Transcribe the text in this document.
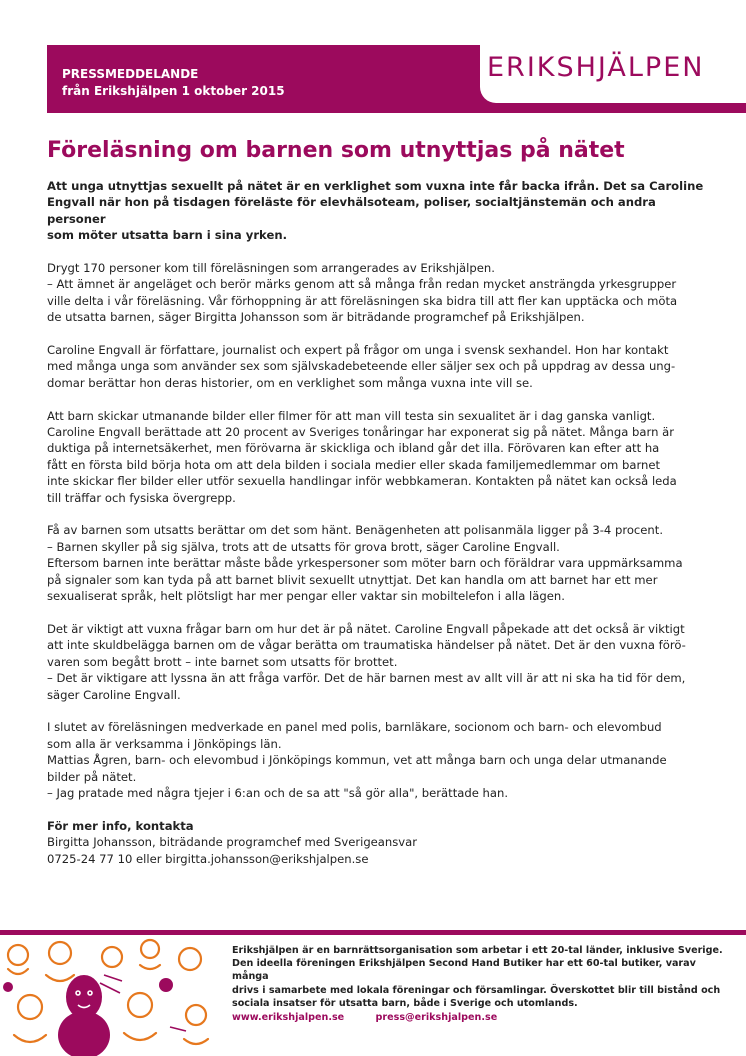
ERIKSHJÄLPEN
PRESSMEDDELANDE
från Erikshjälpen 1 oktober 2015
Föreläsning om barnen som utnyttjas på nätet

Att unga utnyttjas sexuellt på nätet är en verklighet som vuxna inte får backa ifrån. Det sa Caroline
Engvall när hon på tisdagen föreläste för elevhälsoteam, poliser, socialtjänstemän och andra personer
som möter utsatta barn i sina yrken.

Drygt 170 personer kom till föreläsningen som arrangerades av Erikshjälpen.
– Att ämnet är angeläget och berör märks genom att så många från redan mycket ansträngda yrkesgrupper
ville delta i vår föreläsning. Vår förhoppning är att föreläsningen ska bidra till att fler kan upptäcka och möta
de utsatta barnen, säger Birgitta Johansson som är biträdande programchef på Erikshjälpen.

Caroline Engvall är författare, journalist och expert på frågor om unga i svensk sexhandel. Hon har kontakt
med många unga som använder sex som självskadebeteende eller säljer sex och på uppdrag av dessa ung-
domar berättar hon deras historier, om en verklighet som många vuxna inte vill se.

Att barn skickar utmanande bilder eller filmer för att man vill testa sin sexualitet är i dag ganska vanligt.
Caroline Engvall berättade att 20 procent av Sveriges tonåringar har exponerat sig på nätet. Många barn är
duktiga på internetsäkerhet, men förövarna är skickliga och ibland går det illa. Förövaren kan efter att ha
fått en första bild börja hota om att dela bilden i sociala medier eller skada familjemedlemmar om barnet
inte skickar fler bilder eller utför sexuella handlingar inför webbkameran. Kontakten på nätet kan också leda
till träffar och fysiska övergrepp.

Få av barnen som utsatts berättar om det som hänt. Benägenheten att polisanmäla ligger på 3-4 procent.
– Barnen skyller på sig själva, trots att de utsatts för grova brott, säger Caroline Engvall.
Eftersom barnen inte berättar måste både yrkespersoner som möter barn och föräldrar vara uppmärksamma
på signaler som kan tyda på att barnet blivit sexuellt utnyttjat. Det kan handla om att barnet har ett mer
sexualiserat språk, helt plötsligt har mer pengar eller vaktar sin mobiltelefon i alla lägen.

Det är viktigt att vuxna frågar barn om hur det är på nätet. Caroline Engvall påpekade att det också är viktigt
att inte skuldbelägga barnen om de vågar berätta om traumatiska händelser på nätet. Det är den vuxna förö-
varen som begått brott – inte barnet som utsatts för brottet.
– Det är viktigare att lyssna än att fråga varför. Det de här barnen mest av allt vill är att ni ska ha tid för dem,
säger Caroline Engvall.

I slutet av föreläsningen medverkade en panel med polis, barnläkare, socionom och barn- och elevombud
som alla är verksamma i Jönköpings län.
Mattias Ågren, barn- och elevombud i Jönköpings kommun, vet att många barn och unga delar utmanande
bilder på nätet.
– Jag pratade med några tjejer i 6:an och de sa att "så gör alla", berättade han.

För mer info, kontakta
Birgitta Johansson, biträdande programchef med Sverigeansvar
0725-24 77 10 eller birgitta.johansson@erikshjalpen.se

Erikshjälpen är en barnrättsorganisation som arbetar i ett 20-tal länder, inklusive Sverige.
Den ideella föreningen Erikshjälpen Second Hand Butiker har ett 60-tal butiker, varav många
drivs i samarbete med lokala föreningar och församlingar. Överskottet blir till bistånd och
sociala insatser för utsatta barn, både i Sverige och utomlands.
www.erikshjalpen.se	press@erikshjalpen.se
